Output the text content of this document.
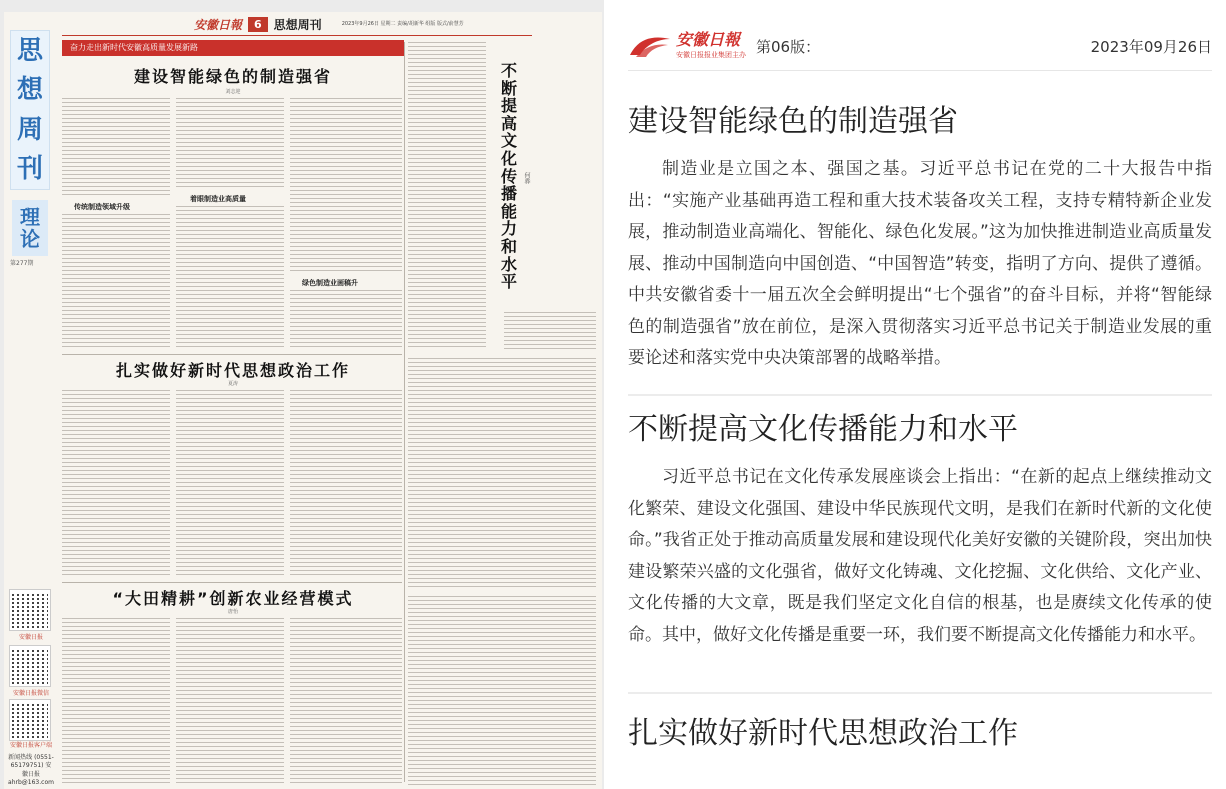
思
想
周
刊
理
论
第277期
安徽日报
安徽日报微信
安徽日报客户端
新闻热线 (0551-65179751) 安徽日报 ahrb@163.com
安徽日報	6	思想周刊	2023年9月26日 星期二 责编/胡新华 组版 版式/俞慧芳
奋力走出新时代安徽高质量发展新路
建设智能绿色的制造强省
刘志迎
传统制造领域升级
着眼制造业高质量
绿色制造业画稿升
不
断
提
高
文
化
传
播
能
力
和
水
平
何骅
扎实做好新时代思想政治工作
夏涛
“大田精耕”创新农业经营模式
唐怡
安徽日報
安徽日报报业集团主办 第06版：	2023年09月26日
建设智能绿色的制造强省

制造业是立国之本、强国之基。习近平总书记在党的二十大报告中指出：“实施产业基础再造工程和重大技术装备攻关工程，支持专精特新企业发展，推动制造业高端化、智能化、绿色化发展。”这为加快推进制造业高质量发展、推动中国制造向中国创造、“中国智造”转变，指明了方向、提供了遵循。中共安徽省委十一届五次全会鲜明提出“七个强省”的奋斗目标，并将“智能绿色的制造强省”放在前位，是深入贯彻落实习近平总书记关于制造业发展的重要论述和落实党中央决策部署的战略举措。

不断提高文化传播能力和水平

习近平总书记在文化传承发展座谈会上指出：“在新的起点上继续推动文化繁荣、建设文化强国、建设中华民族现代文明，是我们在新时代新的文化使命。”我省正处于推动高质量发展和建设现代化美好安徽的关键阶段，突出加快建设繁荣兴盛的文化强省，做好文化铸魂、文化挖掘、文化供给、文化产业、文化传播的大文章，既是我们坚定文化自信的根基，也是赓续文化传承的使命。其中，做好文化传播是重要一环，我们要不断提高文化传播能力和水平。

扎实做好新时代思想政治工作
